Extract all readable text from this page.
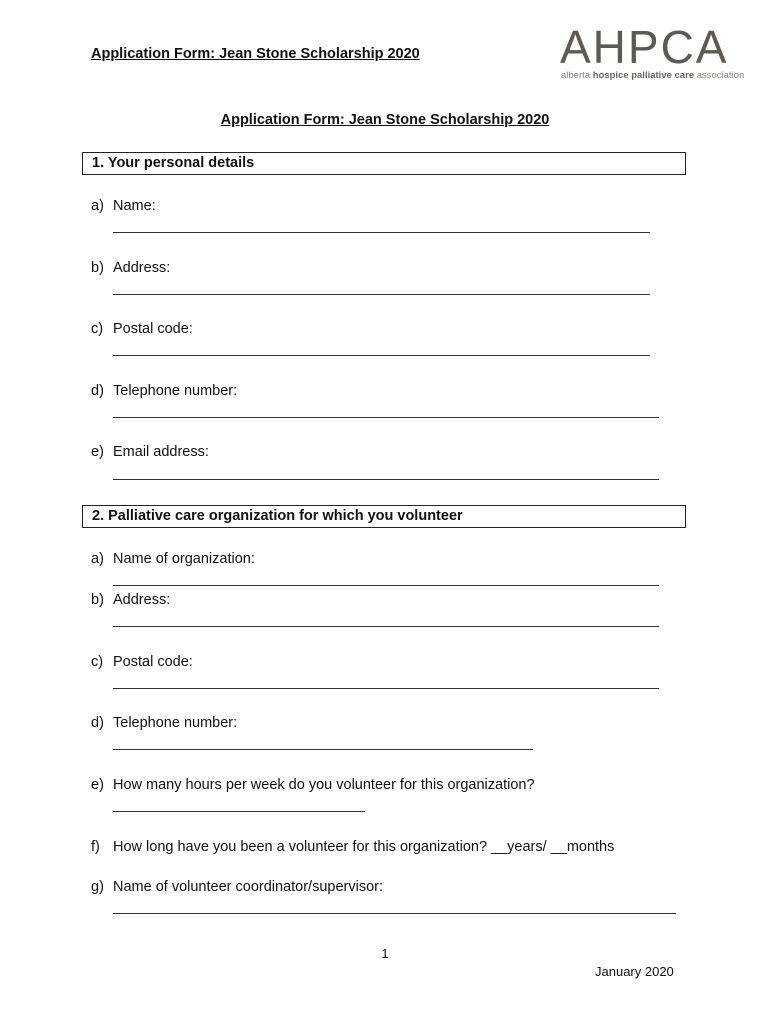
Application Form: Jean Stone Scholarship 2020	AHPCA
alberta hospice palliative care association
Application Form: Jean Stone Scholarship 2020
1. Your personal details
a) Name:
b) Address:
c) Postal code:
d) Telephone number:
e) Email address:
2. Palliative care organization for which you volunteer
a) Name of organization:
b) Address:
c) Postal code:
d) Telephone number:
e) How many hours per week do you volunteer for this organization?
f) How long have you been a volunteer for this organization? __years/ __months
g) Name of volunteer coordinator/supervisor:
1
January 2020
